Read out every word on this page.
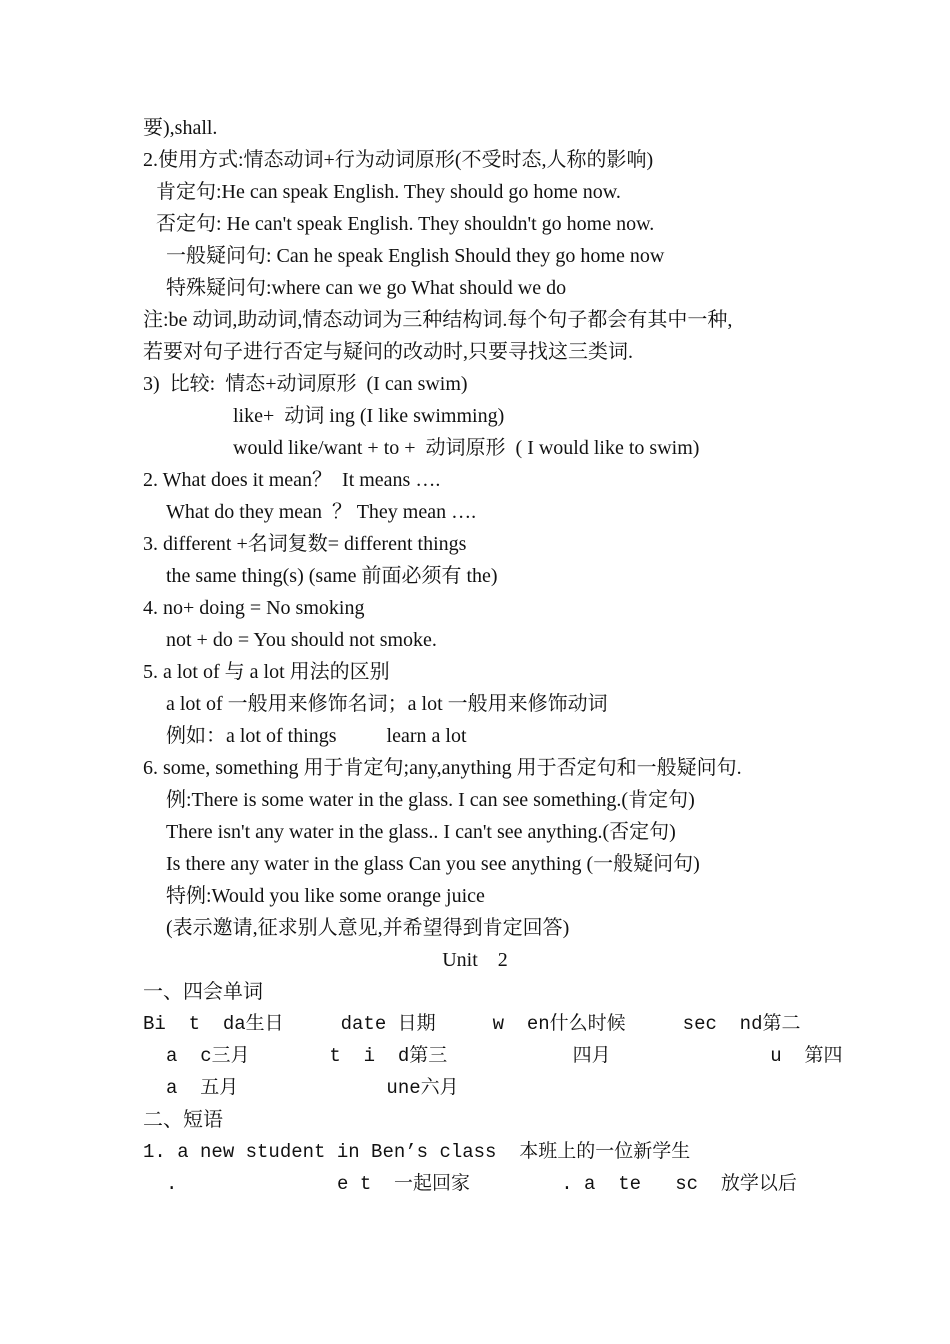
要),shall.
2.使用方式:情态动词+行为动词原形(不受时态,人称的影响)
肯定句:He can speak English. They should go home now.
否定句: He can't speak English. They shouldn't go home now.
一般疑问句: Can he speak English Should they go home now
特殊疑问句:where can we go What should we do
注:be 动词,助动词,情态动词为三种结构词.每个句子都会有其中一种,
若要对句子进行否定与疑问的改动时,只要寻找这三类词.
3)  比较:  情态+动词原形  (I can swim)
like+  动词 ing (I like swimming)
would like/want + to +  动词原形  ( I would like to swim)
2. What does it mean？  It means ….
What do they mean  ？ They mean ….
3. different +名词复数= different things
the same thing(s) (same 前面必须有 the)
4. no+ doing = No smoking
not + do = You should not smoke.
5. a lot of 与 a lot 用法的区别
a lot of 一般用来修饰名词；a lot 一般用来修饰动词
例如：a lot of things          learn a lot
6. some, something 用于肯定句;any,anything 用于否定句和一般疑问句.
例:There is some water in the glass. I can see something.(肯定句)
There isn't any water in the glass.. I can't see anything.(否定句)
Is there any water in the glass Can you see anything (一般疑问句)
特例:Would you like some orange juice
(表示邀请,征求别人意见,并希望得到肯定回答)
Unit    2
一、四会单词
Bi  t  da生日     date 日期     w  en什么时候     sec  nd第二
a  c三月       t  i  d第三           四月              u  第四
a  五月             une六月
二、短语
1. a new student in Ben’s class  本班上的一位新学生
.              e t  一起回家        . a  te   sc  放学以后
